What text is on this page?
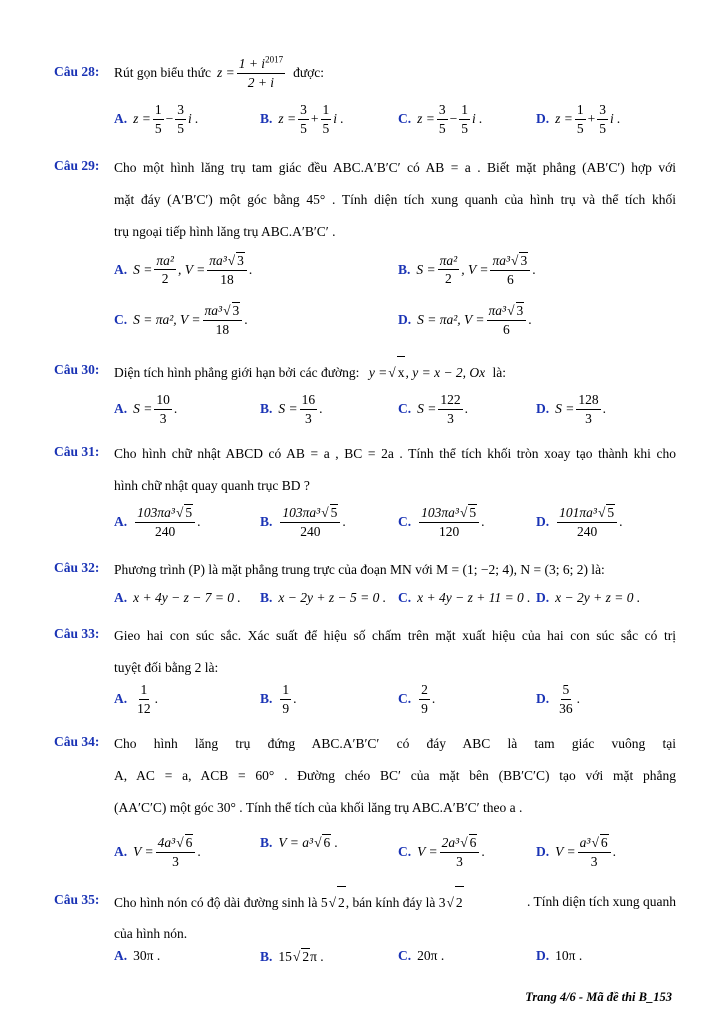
Câu 28: Rút gọn biểu thức $z = \frac{1 + i^{2017}}{2 + i}$ được:
A. $z = \frac{1}{5} - \frac{3}{5}$ i .	B. $z = \frac{3}{5} + \frac{1}{5}$ i .	C. $z = \frac{3}{5} - \frac{1}{5}$ i .	D. $z = \frac{1}{5} + \frac{3}{5}$ i .
Câu 29: Cho một hình lăng trụ tam giác đều ABC.A′B′C′ có AB = a . Biết mặt phẳng (AB′C′) hợp với
mặt đáy (A′B′C′) một góc bằng 45° . Tính diện tích xung quanh của hình trụ và thể tích khối
trụ ngoại tiếp hình lăng trụ ABC.A′B′C′ .
A. $S = \frac{\text{πa²}}{2}$ , $V = \frac{\text{πa³√ 3}}{18}$ .	B. $S = \frac{\text{πa²}}{2}$ , $V = \frac{\text{πa³√ 3}}{6}$ .
C. S = πa² , $V = \frac{\text{πa³√ 3}}{18}$ .	D. S = πa² , $V = \frac{\text{πa³√ 3}}{6}$ .
Câu 30: Diện tích hình phẳng giới hạn bởi các đường: y =√ x, y = x − 2, Ox là:
A. $S = \frac{10}{3}$ .	B. $S = \frac{16}{3}$ .	C. $S = \frac{122}{3}$ .	D. $S = \frac{128}{3}$ .
Câu 31: Cho hình chữ nhật ABCD có AB = a , BC = 2a . Tính thể tích khối tròn xoay tạo thành khi cho
hình chữ nhật quay quanh trục BD ?
A. $\frac{\text{103πa³√ 5}}{240}$ .	B. $\frac{\text{103πa³√ 5}}{240}$ .	C. $\frac{\text{103πa³√ 5}}{120}$ .	D. $\frac{\text{101πa³√ 5}}{240}$ .
Câu 32: Phương trình (P) là mặt phẳng trung trực của đoạn MN với M = (1; −2; 4), N = (3; 6; 2) là:
A. x + 4y − z − 7 = 0 . B. x − 2y + z − 5 = 0 . C. x + 4y − z + 11 = 0 . D. x − 2y + z = 0 .
Câu 33: Gieo hai con súc sắc. Xác suất để hiệu số chấm trên mặt xuất hiệu của hai con súc sắc có trị
tuyệt đối bằng 2 là:
A. $\frac{1}{12}$ .	B. $\frac{1}{9}$ .	C. $\frac{2}{9}$ .	D. $\frac{5}{36}$ .
Câu 34: Cho hình lăng trụ đứng ABC.A′B′C′ có đáy ABC là tam giác vuông tại
A, AC = a, ACB = 60° . Đường chéo BC′ của mặt bên (BB′C′C) tạo với mặt phẳng
(AA′C′C) một góc 30° . Tính thể tích của khối lăng trụ ABC.A′B′C′ theo a .
A. $V = \frac{\text{4a³√ 6}}{3}$ .
B. V = a³ √ 6 .
C. $V = \frac{\text{2a³√ 6}}{3}$ .	D. $V = \frac{\text{a³√ 6}}{3}$ .
Câu 35: Cho hình nón có độ dài đường sinh là 5√ 2, bán kính đáy là 3√ 2	. Tính diện tích xung quanh
của hình nón.
A. 30π .	B. 15 √ 2 π .	C. 20π .	D. 10π .
Trang 4/6 - Mã đề thi B_153
